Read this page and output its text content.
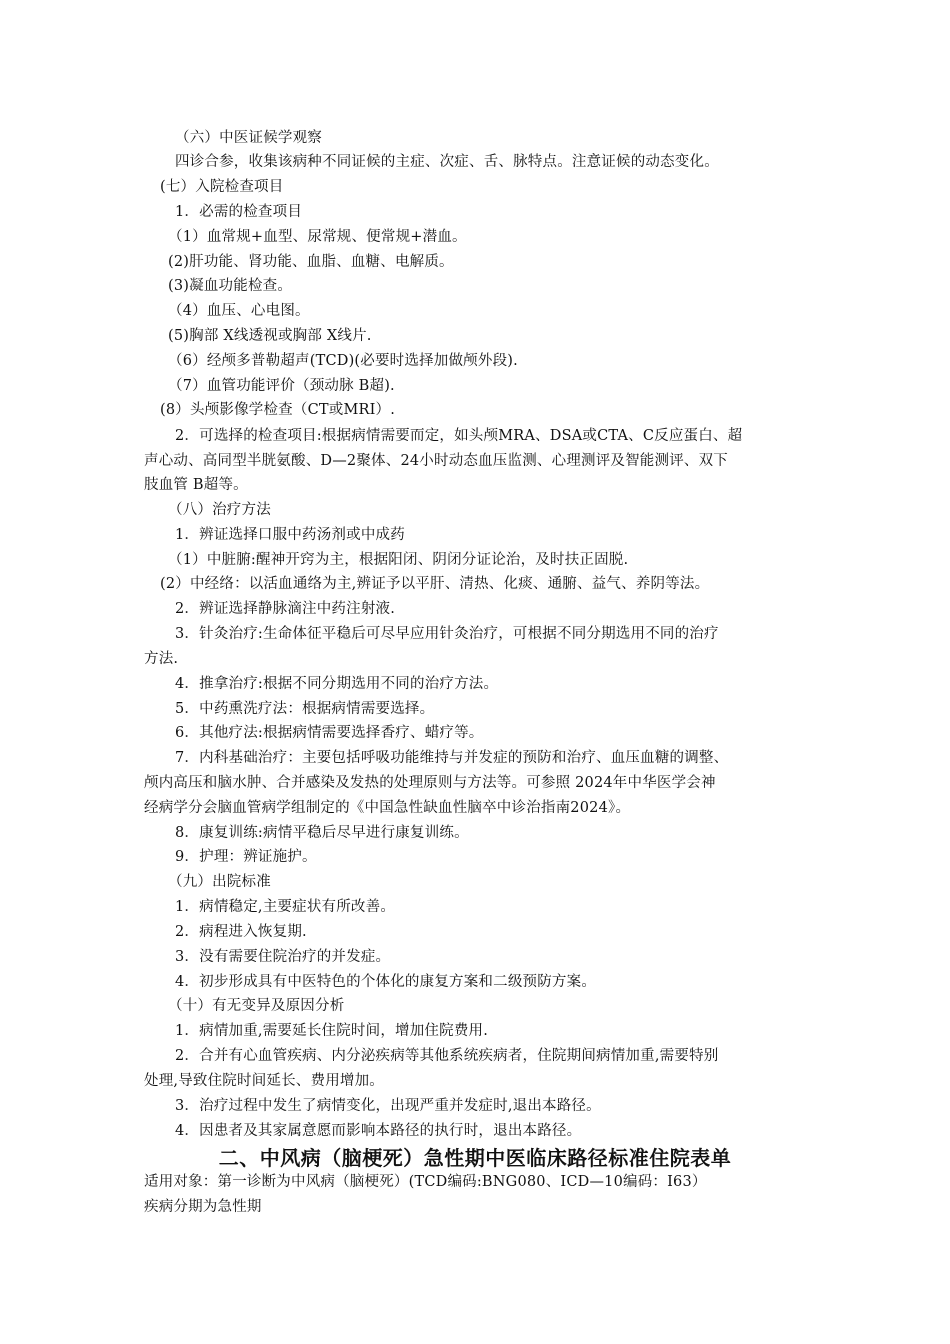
（六）中医证候学观察
四诊合参，收集该病种不同证候的主症、次症、舌、脉特点。注意证候的动态变化。
(七）入院检查项目
1．必需的检查项目
（1）血常规+血型、尿常规、便常规+潜血。
(2)肝功能、肾功能、血脂、血糖、电解质。
(3)凝血功能检查。
（4）血压、心电图。
(5)胸部 X线透视或胸部 X线片.
（6）经颅多普勒超声(TCD)(必要时选择加做颅外段).
（7）血管功能评价（颈动脉 B超).
(8）头颅影像学检查（CT或MRI）.
2．可选择的检查项目:根据病情需要而定，如头颅MRA、DSA或CTA、C反应蛋白、超
声心动、高同型半胱氨酸、D—2聚体、24小时动态血压监测、心理测评及智能测评、双下
肢血管 B超等。
（八）治疗方法
1．辨证选择口服中药汤剂或中成药
（1）中脏腑:醒神开窍为主，根据阳闭、阴闭分证论治，及时扶正固脱.
(2）中经络：以活血通络为主,辨证予以平肝、清热、化痰、通腑、益气、养阴等法。
2．辨证选择静脉滴注中药注射液.
3．针灸治疗:生命体征平稳后可尽早应用针灸治疗，可根据不同分期选用不同的治疗
方法.
4．推拿治疗:根据不同分期选用不同的治疗方法。
5．中药熏洗疗法：根据病情需要选择。
6．其他疗法:根据病情需要选择香疗、蜡疗等。
7．内科基础治疗：主要包括呼吸功能维持与并发症的预防和治疗、血压血糖的调整、
颅内高压和脑水肿、合并感染及发热的处理原则与方法等。可参照 2024年中华医学会神
经病学分会脑血管病学组制定的《中国急性缺血性脑卒中诊治指南2024》。
8．康复训练:病情平稳后尽早进行康复训练。
9．护理：辨证施护。
（九）出院标准
1．病情稳定,主要症状有所改善。
2．病程进入恢复期.
3．没有需要住院治疗的并发症。
4．初步形成具有中医特色的个体化的康复方案和二级预防方案。
（十）有无变异及原因分析
1．病情加重,需要延长住院时间，增加住院费用.
2．合并有心血管疾病、内分泌疾病等其他系统疾病者，住院期间病情加重,需要特别
处理,导致住院时间延长、费用增加。
3．治疗过程中发生了病情变化，出现严重并发症时,退出本路径。
4．因患者及其家属意愿而影响本路径的执行时，退出本路径。
二、中风病（脑梗死）急性期中医临床路径标准住院表单
适用对象：第一诊断为中风病（脑梗死）(TCD编码:BNG080、ICD—10编码：I63）
疾病分期为急性期
